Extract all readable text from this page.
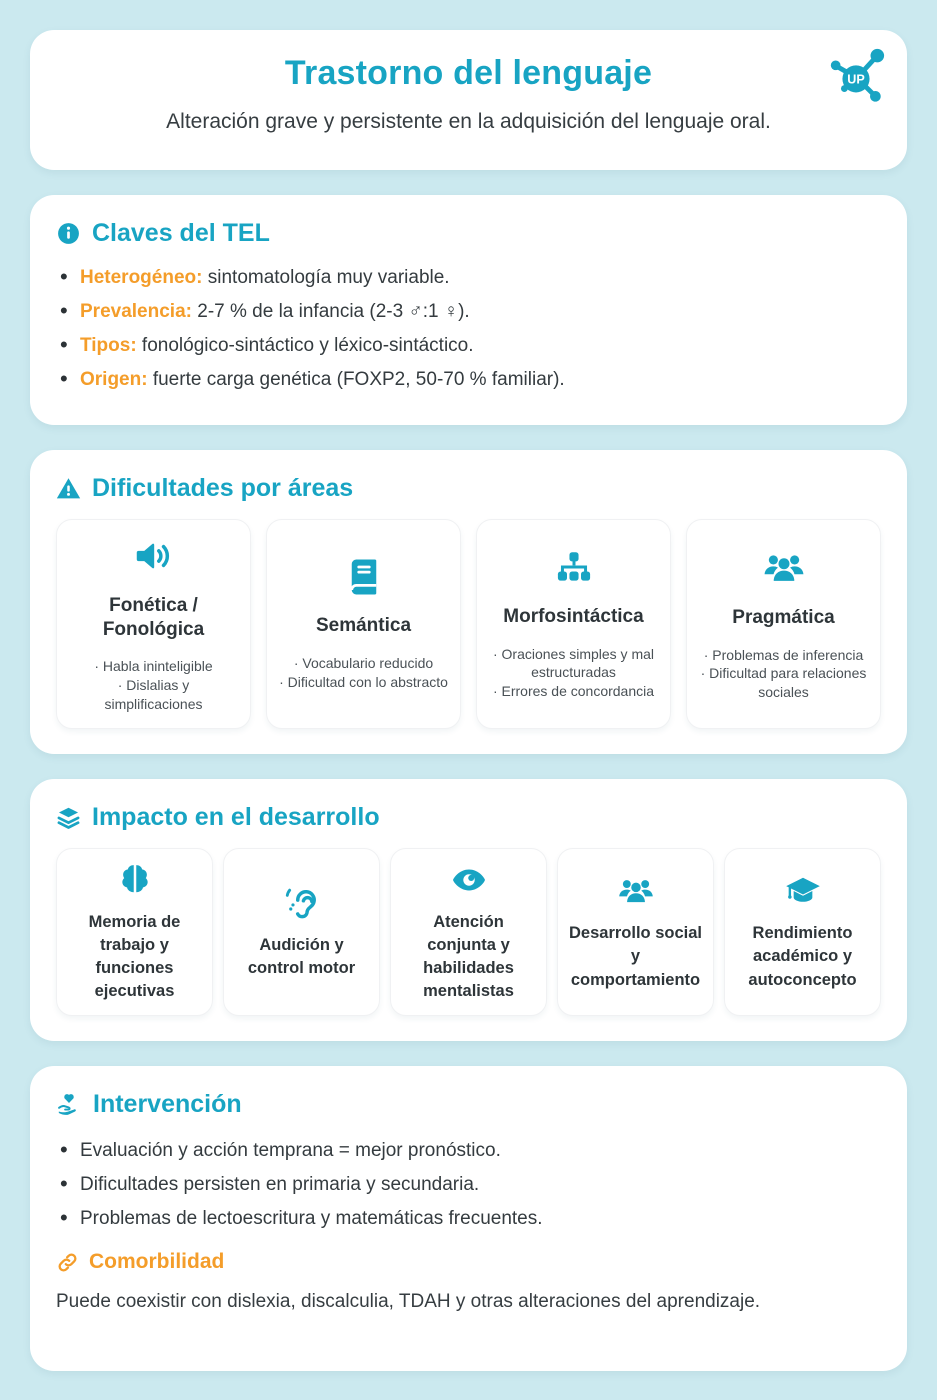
Trastorno del lenguaje
Alteración grave y persistente en la adquisición del lenguaje oral.
UP
Claves del TEL
• Heterogéneo: sintomatología muy variable.
• Prevalencia: 2-7 % de la infancia (2-3 ♂:1 ♀).
• Tipos: fonológico-sintáctico y léxico-sintáctico.
• Origen: fuerte carga genética (FOXP2, 50-70 % familiar).
Dificultades por áreas
Fonética / Fonológica
· Habla ininteligible
· Dislalias y simplificaciones
Semántica
· Vocabulario reducido
· Dificultad con lo abstracto
Morfosintáctica
· Oraciones simples y mal estructuradas
· Errores de concordancia
Pragmática
· Problemas de inferencia
· Dificultad para relaciones sociales
Impacto en el desarrollo
Memoria de trabajo y funciones ejecutivas
Audición y control motor
Atención conjunta y habilidades mentalistas
Desarrollo social y comportamiento
Rendimiento académico y autoconcepto
Intervención
• Evaluación y acción temprana = mejor pronóstico.
• Dificultades persisten en primaria y secundaria.
• Problemas de lectoescritura y matemáticas frecuentes.
Comorbilidad
Puede coexistir con dislexia, discalculia, TDAH y otras alteraciones del aprendizaje.
